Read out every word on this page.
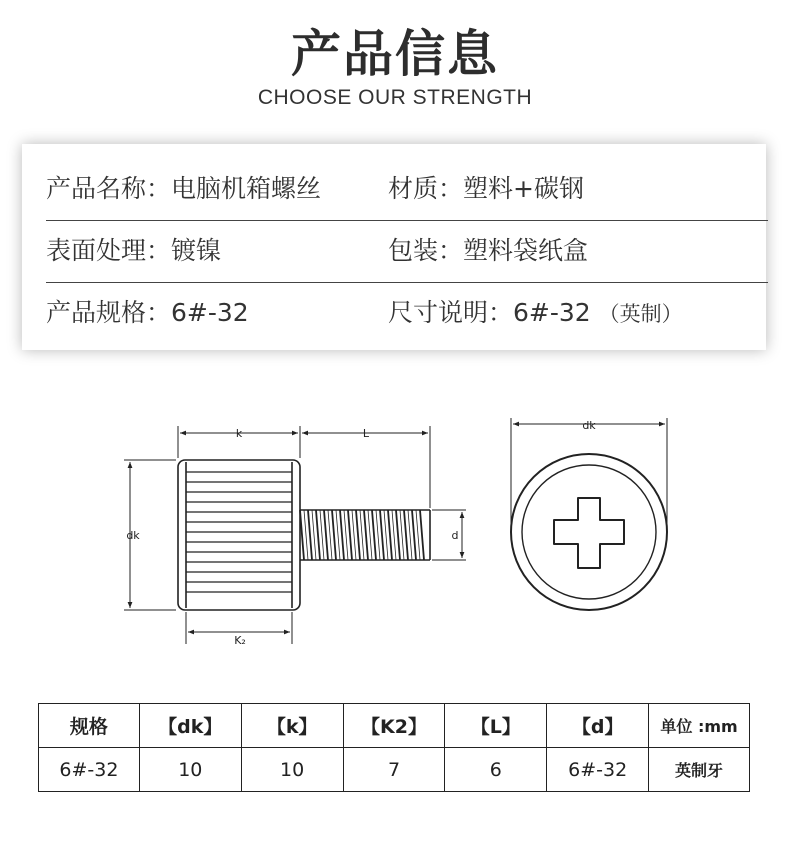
产品信息
CHOOSE OUR STRENGTH
产品名称：电脑机箱螺丝	材质：塑料+碳钢
表面处理：镀镍	包装：塑料袋纸盒
产品规格：6#-32	尺寸说明：6#-32 （英制）
k	L
dk	d
K₂
dk
规格	【dk】	【k】	【K2】	【L】	【d】	单位 :mm
6#-32	10	10	7	6	6#-32	英制牙
